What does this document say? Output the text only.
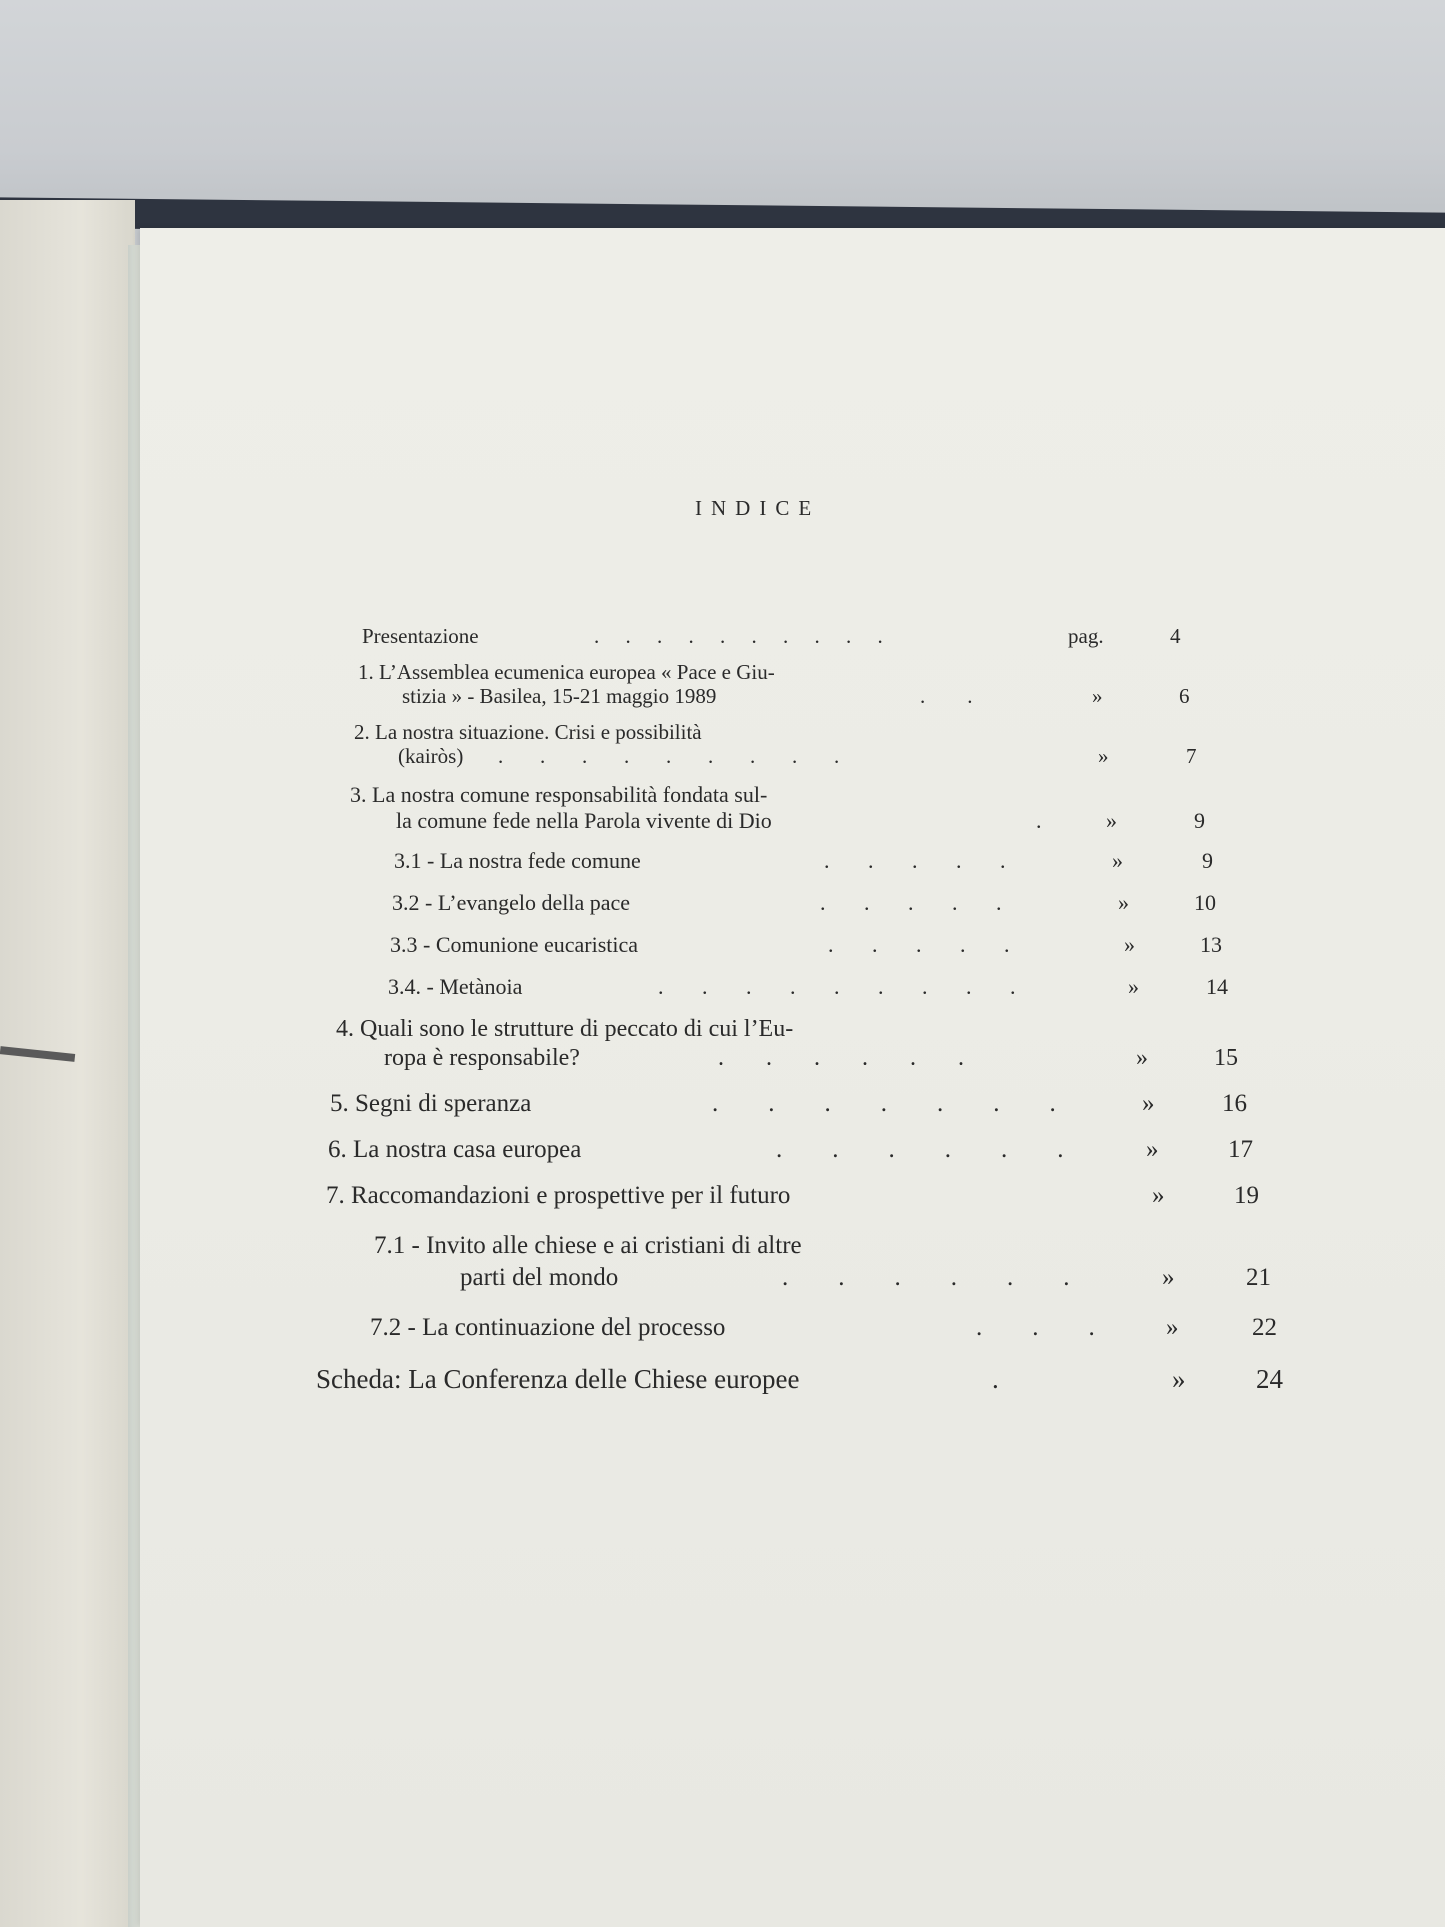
INDICE
Presentazione	.     .     .     .     .     .     .     .     .     .	pag.	4
1. L’Assemblea ecumenica europea « Pace e Giu-
stizia » - Basilea, 15-21 maggio 1989	.        .	»	6
2. La nostra situazione. Crisi e possibilità
(kairòs) .       .       .       .       .       .       .       .       .	»	7
3. La nostra comune responsabilità fondata sul-
la comune fede nella Parola vivente di Dio	.	»	9
3.1 - La nostra fede comune	.       .       .       .       .	»	9
3.2 - L’evangelo della pace	.       .       .       .       .	»	10
3.3 - Comunione eucaristica	.       .       .       .       .	»	13
3.4. - Metànoia	.       .       .       .       .       .       .       .       .	»	14
4. Quali sono le strutture di peccato di cui l’Eu-
ropa è responsabile?	.       .       .       .       .       .	»	15
5. Segni di speranza	.        .        .        .        .        .        .	»	16
6. La nostra casa europea	.        .        .        .        .        .	»	17
7. Raccomandazioni e prospettive per il futuro	»	19
7.1 - Invito alle chiese e ai cristiani di altre
parti del mondo	.        .        .        .        .        .	»	21
7.2 - La continuazione del processo	.        .        .	»	22
Scheda: La Conferenza delle Chiese europee	.	»	24
